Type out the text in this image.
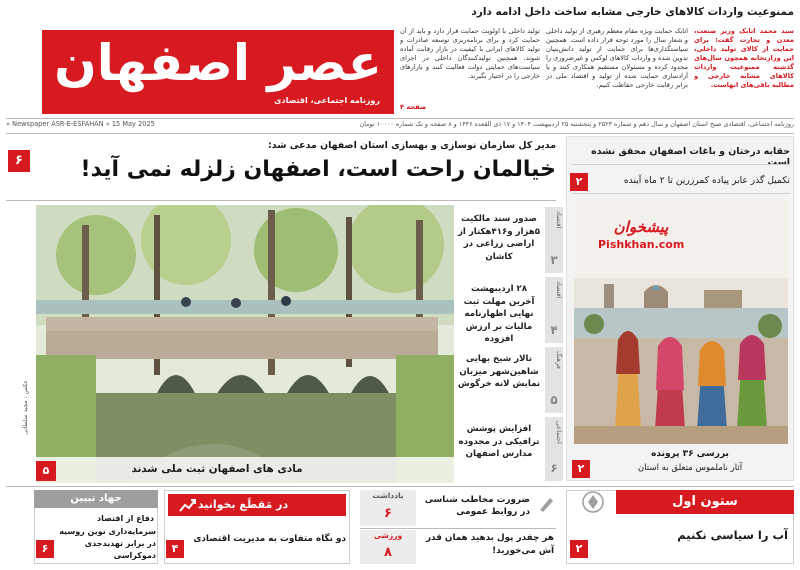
عصر اصفهان
روزنامه اجتماعی، اقتصادی
ممنوعیت واردات کالاهای خارجی مشابه ساخت داخل ادامه دارد
سید محمد اتابک وزیر صنعت، معدن و تجارت گفت: برای حمایت از کالای تولید داخلی، این وزارتخانه همچون سال‌های گذشته ممنوعیت واردات کالاهای مشابه خارجی و مطالبه باقی‌های انهاست.
اتابک حمایت ویژه مقام معظم رهبری از تولید داخلی و شعار سال را مورد توجه قرار داده است. همچنین سیاستگذاری‌ها برای حمایت از تولید دانش‌بنیان تدوین شده و واردات کالاهای لوکس و غیرضروری را محدود کرده و مسئولان مستقیم همکاری کنند و با آزادسازی حمایت شده از تولید و اقتصاد ملی در برابر رقابت خارجی حفاظت کنیم.
تولید داخلی با اولویت حمایت قرار دارد و باید از آن حمایت کرد و برای برنامه‌ریزی توسعه صادرات و تولید کالاهای ایرانی با کیفیت در بازار رقابت آماده شوند. همچنین تولیدکنندگان داخلی در اجرای سیاست‌های حمایتی دولت فعالیت کنند و بازارهای خارجی را در اختیار بگیرند.
صفحه ۴
روزنامه اجتماعی، اقتصادی صبح استان اصفهان و سال دهم و شماره ۲۵۲۳ و پنجشنبه ۲۵ اردیبهشت ۱۴۰۴ و ۱۷ ذی القعده ۱۴۴۶ و ۸ صفحه و تک شماره ۱۰۰۰۰ تومان
« Newspaper ASR-E-ESFAHAN » 15 May 2025
حقابه درختان و باغات اصفهان محقق نشده است
تکمیل گذر عابر پیاده کمرزرین تا ۲ ماه آینده
۲
پیشخوان
Pishkhan.com
بررسی ۳۶ پرونده
آثار ناملموس متعلق به استان
۲
مدیر کل سازمان نوسازی و بهسازی استان اصفهان مدعی شد:
خیالمان راحت است، اصفهان زلزله نمی آید!
۶
عکس : مجید سلطانی
مادی های اصفهان ثبت ملی شدند
۵
صدور سند مالکیت ۵هزار و۴۱۶هکتار از اراضی زراعی در کاشان
اقتصاد
۳
۲۸ اردیبهشت آخرین مهلت ثبت نهایی اظهارنامه مالیات بر ارزش افزوده
اقتصاد
۴
تالار شیخ بهایی شاهین‌شهر میزبان نمایش لانه خرگوش
فرهنگ
۵
افزایش پوشش ترافیکی در محدوده مدارس اصفهان
اجتماعی
۶
جهاد تبیین
دفاع از اقتصاد
سرمایه‌داری نوین روسیه در برابر تهدیدجدی دموکراسی
۶
در مَقطَع بخوانید
دو نگاه متفاوت به مدیریت اقتصادی
۴
یادداشت
۶
ضرورت مخاطب شناسی در روابط عمومی
ورزشی
۸
هر چقدر پول بدهید همان قدر آش می‌خورید!
ستون اول
آب را سیاسی نکنیم
۲
